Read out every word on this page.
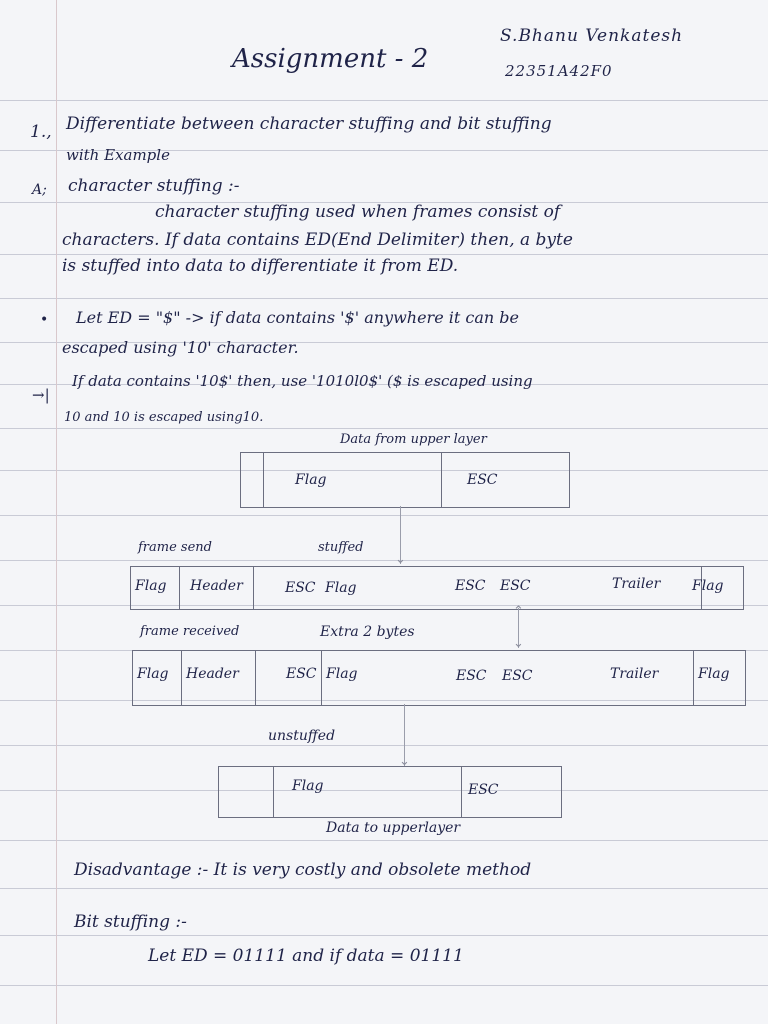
Assignment - 2
S.Bhanu Venkatesh
22351A42F0
1., Differentiate between character stuffing and bit stuffing
with Example
A; character stuffing :-
character stuffing used when frames consist of
characters. If data contains ED(End Delimiter) then, a byte
is stuffed into data to differentiate it from ED.
• Let ED = "$" -> if data contains '$' anywhere it can be
escaped using '10' character.
→|
If data contains '10$' then, use '1010l0$' ($ is escaped using
10 and 10 is escaped using10.
Data from upper layer
Flag	ESC
frame send	stuffed
⌄
Flag Header	ESC Flag	ESC ESC	Trailer Flag
frame received	Extra 2 bytes
⌃
⌄
Flag Header	ESC Flag	ESC ESC	Trailer	Flag
⌄
unstuffed
Flag	ESC
Data to upperlayer
Disadvantage :- It is very costly and obsolete method
Bit stuffing :-
Let ED = 01111 and if data = 01111
